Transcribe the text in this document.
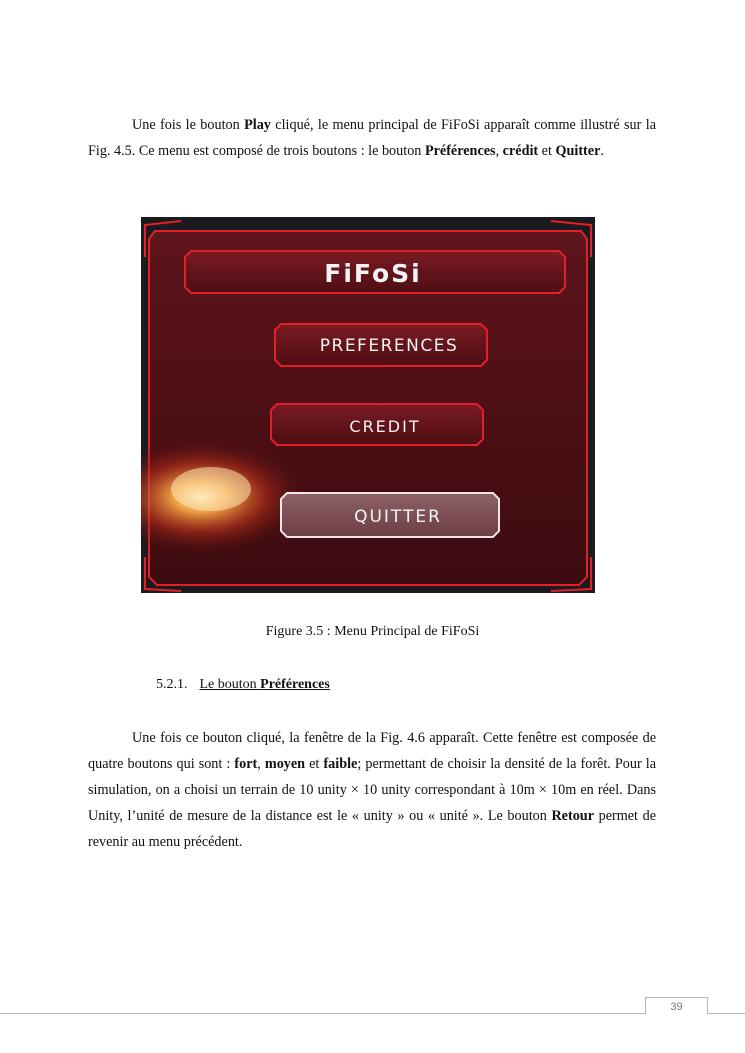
Une fois le bouton Play cliqué, le menu principal de FiFoSi apparaît comme illustré sur la Fig. 4.5. Ce menu est composé de trois boutons : le bouton Préférences, crédit et Quitter.
FiFoSi
PREFERENCES
CREDIT
QUITTER
Figure 3.5 : Menu Principal de FiFoSi
5.2.1. Le bouton Préférences
Une fois ce bouton cliqué, la fenêtre de la Fig. 4.6 apparaît. Cette fenêtre est composée de quatre boutons qui sont : fort, moyen et faible; permettant de choisir la densité de la forêt. Pour la simulation, on a choisi un terrain de 10 unity × 10 unity correspondant à 10m × 10m en réel. Dans Unity, l’unité de mesure de la distance est le « unity » ou « unité ». Le bouton Retour permet de revenir au menu précédent.
39
